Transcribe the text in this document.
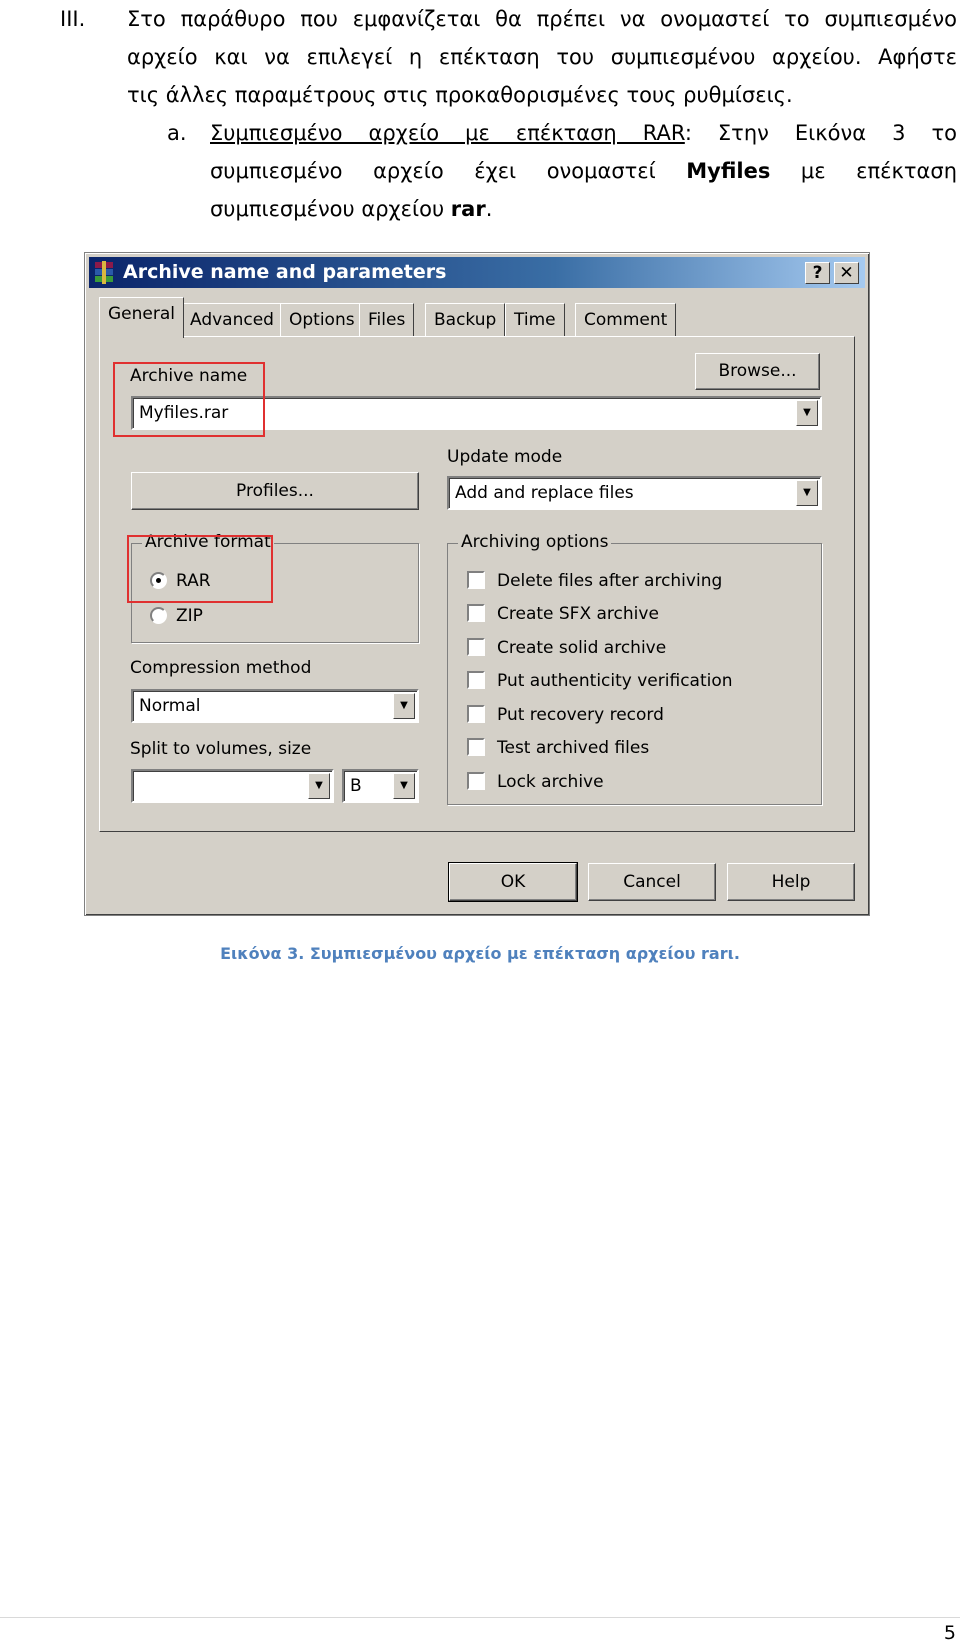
III. Στο παράθυρο που εμφανίζεται θα πρέπει να ονομαστεί το συμπιεσμένο
αρχείο και να επιλεγεί η επέκταση του συμπιεσμένου αρχείου. Αφήστε
τις άλλες παραμέτρους στις προκαθορισμένες τους ρυθμίσεις.
a. Συμπιεσμένο αρχείο με επέκταση RAR: Στην Εικόνα 3 το
συμπιεσμένο αρχείο έχει ονομαστεί Myfiles με επέκταση
συμπιεσμένου αρχείου rar.
Archive name and parameters	? ✕
General Advanced Options Files	Backup	Time	Comment
Archive name	Browse...
Myfiles.rar	▼
Update mode
Add and replace files	▼
Profiles...
Archive format
RAR
ZIP
Compression method
Normal	▼
Split to volumes, size
▼	B	▼
Archiving options
Delete files after archiving
Create SFX archive
Create solid archive
Put authenticity verification
Put recovery record
Test archived files
Lock archive
OK	Cancel	Help
Εικόνα 3. Συμπιεσμένου αρχείο με επέκταση αρχείου rarι.
5
